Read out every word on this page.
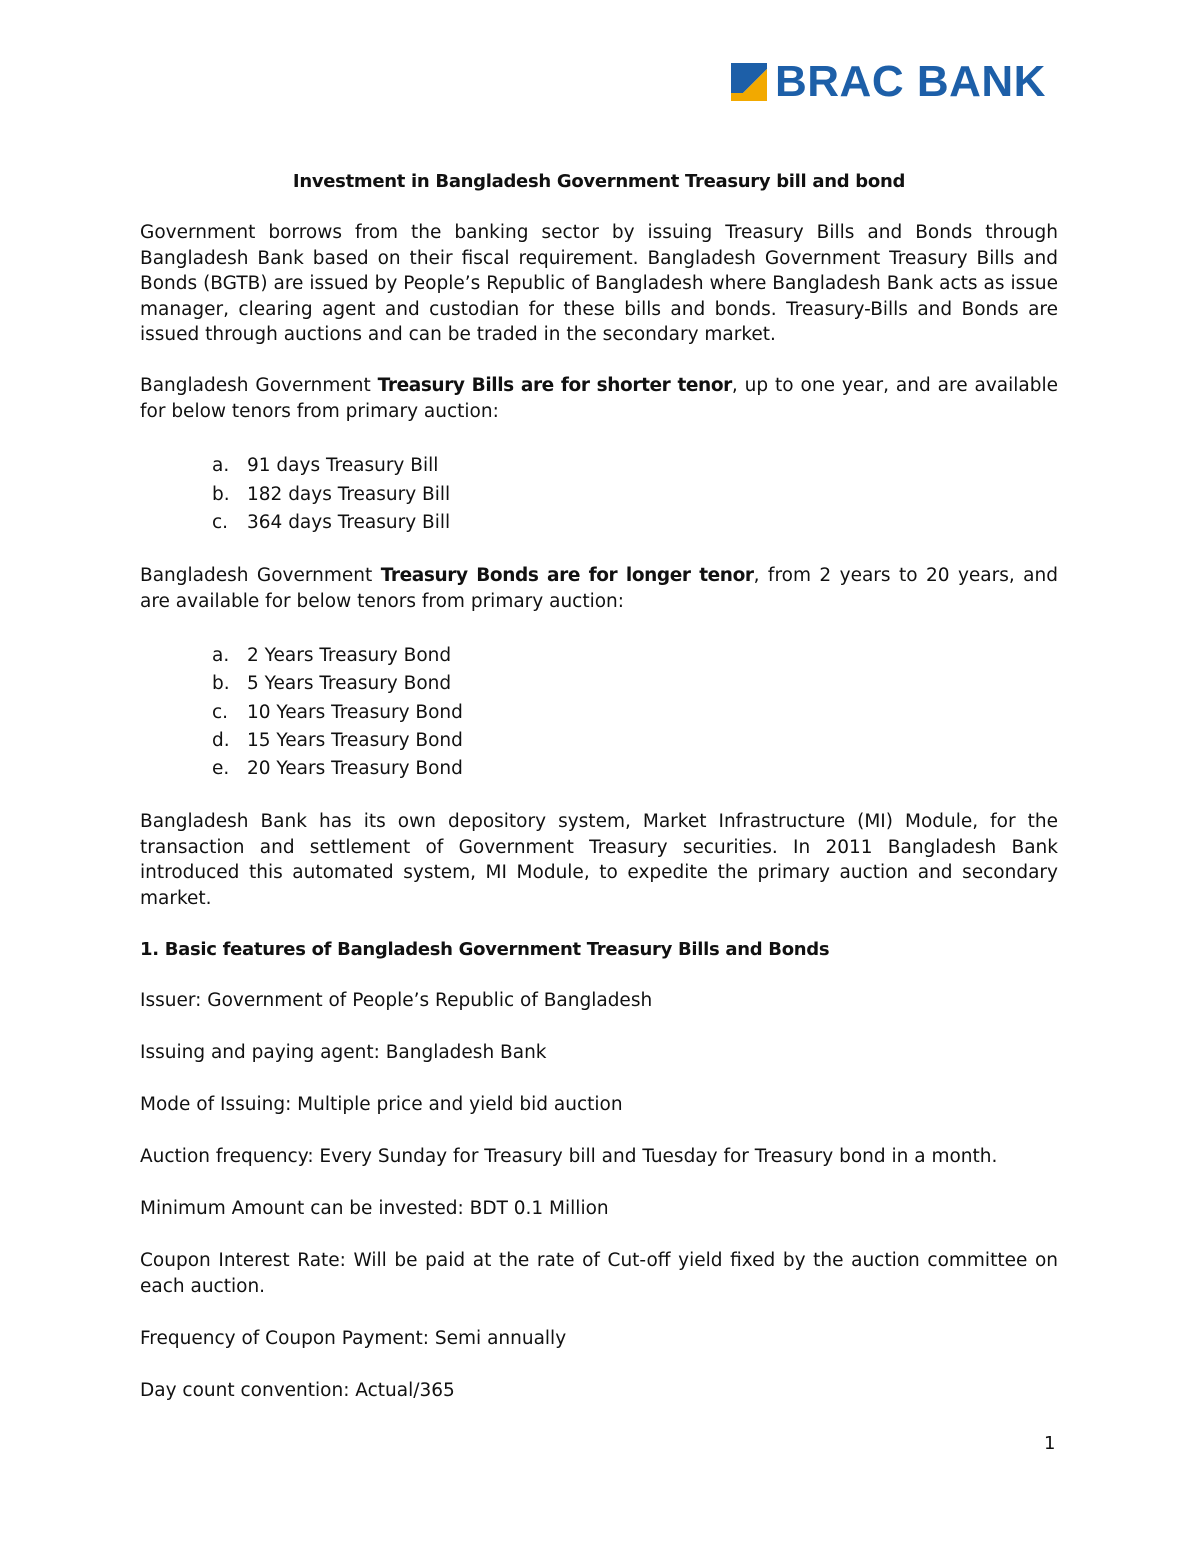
BRAC BANK

Investment in Bangladesh Government Treasury bill and bond

Government borrows from the banking sector by issuing Treasury Bills and Bonds through Bangladesh Bank based on their fiscal requirement. Bangladesh Government Treasury Bills and Bonds (BGTB) are issued by People’s Republic of Bangladesh where Bangladesh Bank acts as issue manager, clearing agent and custodian for these bills and bonds. Treasury-Bills and Bonds are issued through auctions and can be traded in the secondary market.

Bangladesh Government Treasury Bills are for shorter tenor, up to one year, and are available for below tenors from primary auction:

a. 91 days Treasury Bill
b. 182 days Treasury Bill
c.	364 days Treasury Bill

Bangladesh Government Treasury Bonds are for longer tenor, from 2 years to 20 years, and are available for below tenors from primary auction:

a. 2 Years Treasury Bond
b. 5 Years Treasury Bond
c.	10 Years Treasury Bond
d. 15 Years Treasury Bond
e. 20 Years Treasury Bond

Bangladesh Bank has its own depository system, Market Infrastructure (MI) Module, for the transaction and settlement of Government Treasury securities. In 2011 Bangladesh Bank introduced this automated system, MI Module, to expedite the primary auction and secondary market.

1. Basic features of Bangladesh Government Treasury Bills and Bonds

Issuer: Government of People’s Republic of Bangladesh

Issuing and paying agent: Bangladesh Bank

Mode of Issuing: Multiple price and yield bid auction

Auction frequency: Every Sunday for Treasury bill and Tuesday for Treasury bond in a month.

Minimum Amount can be invested: BDT 0.1 Million

Coupon Interest Rate: Will be paid at the rate of Cut-off yield fixed by the auction committee on each auction.

Frequency of Coupon Payment: Semi annually

Day count convention: Actual/365

1
